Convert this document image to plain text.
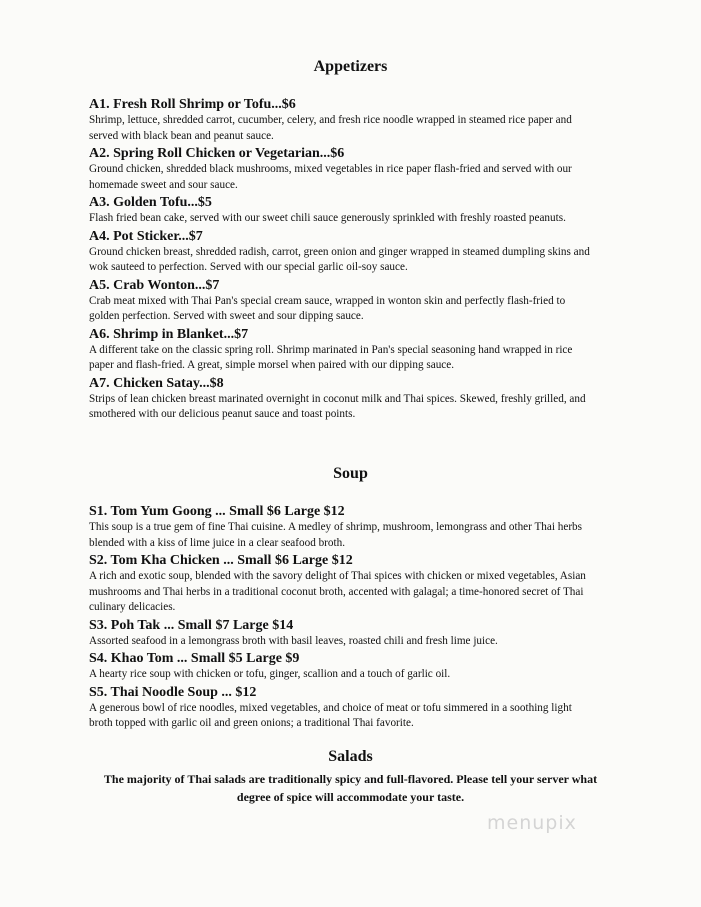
Appetizers
A1. Fresh Roll Shrimp or Tofu...$6
Shrimp, lettuce, shredded carrot, cucumber, celery, and fresh rice noodle wrapped in steamed rice paper and served with black bean and peanut sauce.
A2. Spring Roll Chicken or Vegetarian...$6
Ground chicken, shredded black mushrooms, mixed vegetables in rice paper flash-fried and served with our homemade sweet and sour sauce.
A3. Golden Tofu...$5
Flash fried bean cake, served with our sweet chili sauce generously sprinkled with freshly roasted peanuts.
A4. Pot Sticker...$7
Ground chicken breast, shredded radish, carrot, green onion and ginger wrapped in steamed dumpling skins and wok sauteed to perfection. Served with our special garlic oil-soy sauce.
A5. Crab Wonton...$7
Crab meat mixed with Thai Pan's special cream sauce, wrapped in wonton skin and perfectly flash-fried to golden perfection. Served with sweet and sour dipping sauce.
A6. Shrimp in Blanket...$7
A different take on the classic spring roll. Shrimp marinated in Pan's special seasoning hand wrapped in rice paper and flash-fried. A great, simple morsel when paired with our dipping sauce.
A7. Chicken Satay...$8
Strips of lean chicken breast marinated overnight in coconut milk and Thai spices. Skewed, freshly grilled, and smothered with our delicious peanut sauce and toast points.
Soup
S1. Tom Yum Goong ... Small $6 Large $12
This soup is a true gem of fine Thai cuisine. A medley of shrimp, mushroom, lemongrass and other Thai herbs blended with a kiss of lime juice in a clear seafood broth.
S2. Tom Kha Chicken ... Small $6 Large $12
A rich and exotic soup, blended with the savory delight of Thai spices with chicken or mixed vegetables, Asian mushrooms and Thai herbs in a traditional coconut broth, accented with galagal; a time-honored secret of Thai culinary delicacies.
S3. Poh Tak ... Small $7 Large $14
Assorted seafood in a lemongrass broth with basil leaves, roasted chili and fresh lime juice.
S4. Khao Tom ... Small $5 Large $9
A hearty rice soup with chicken or tofu, ginger, scallion and a touch of garlic oil.
S5. Thai Noodle Soup ... $12
A generous bowl of rice noodles, mixed vegetables, and choice of meat or tofu simmered in a soothing light broth topped with garlic oil and green onions; a traditional Thai favorite.
Salads
The majority of Thai salads are traditionally spicy and full-flavored. Please tell your server what degree of spice will accommodate your taste.
menupix
